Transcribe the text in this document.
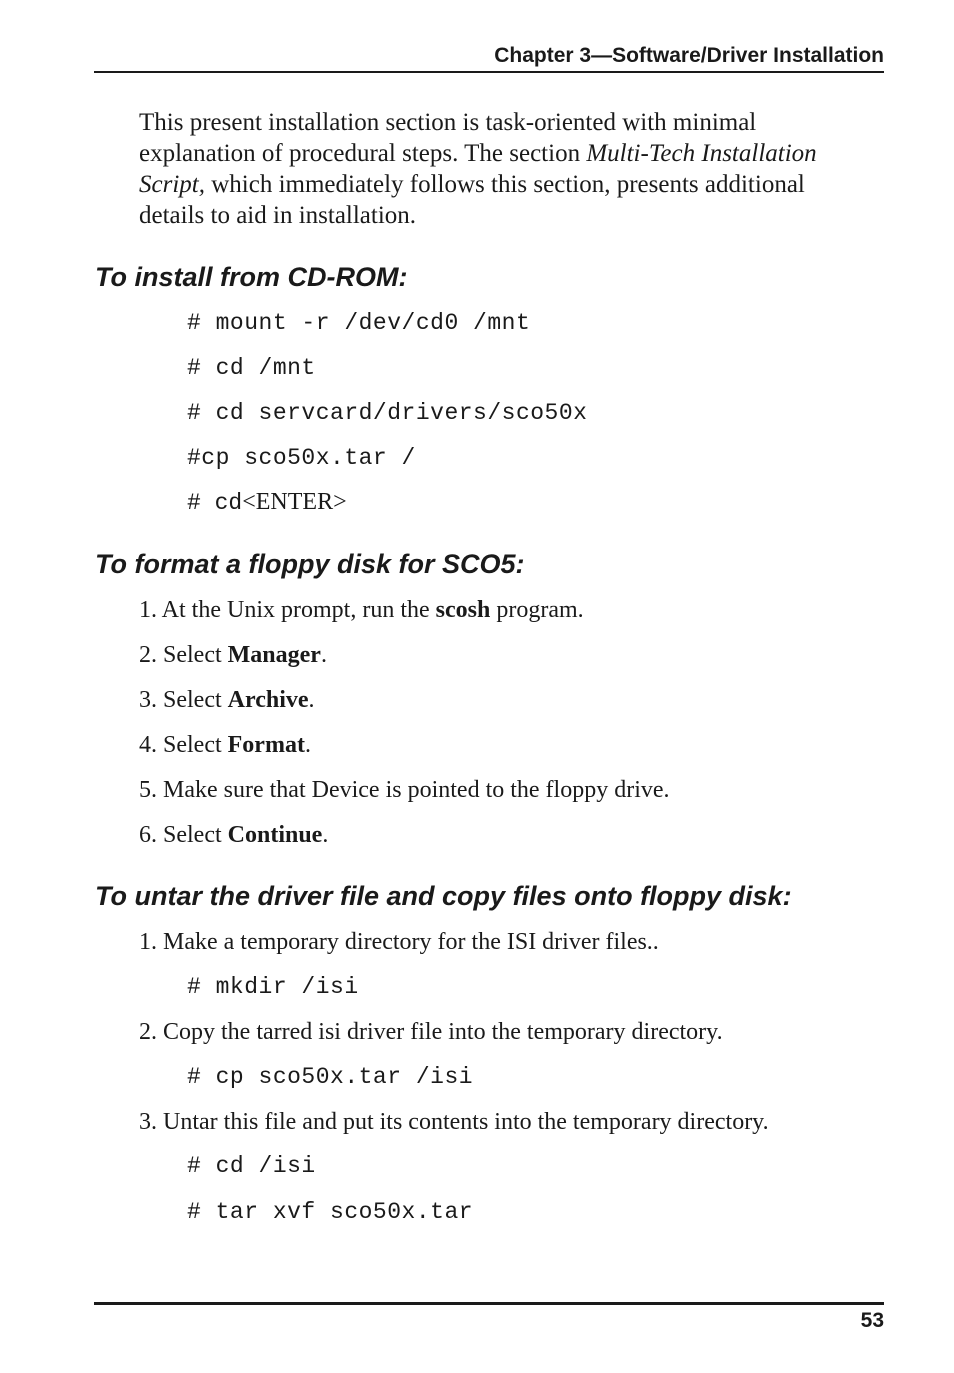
Chapter 3—Software/Driver Installation

This present installation section is task-oriented with minimal explanation of procedural steps. The section Multi-Tech Installation Script, which immediately follows this section, presents additional details to aid in installation.

To install from CD-ROM:
# mount -r /dev/cd0 /mnt
# cd /mnt
# cd servcard/drivers/sco50x
#cp sco50x.tar /
# cd<ENTER>
To format a floppy disk for SCO5:
1. At the Unix prompt, run the scosh program.
2. Select Manager.
3. Select Archive.
4. Select Format.
5. Make sure that Device is pointed to the floppy drive.
6. Select Continue.
To untar the driver file and copy files onto floppy disk:
1. Make a temporary directory for the ISI driver files..
# mkdir /isi
2. Copy the tarred isi driver file into the temporary directory.
# cp sco50x.tar /isi
3. Untar this file and put its contents into the temporary directory.
# cd /isi
# tar xvf sco50x.tar
53
